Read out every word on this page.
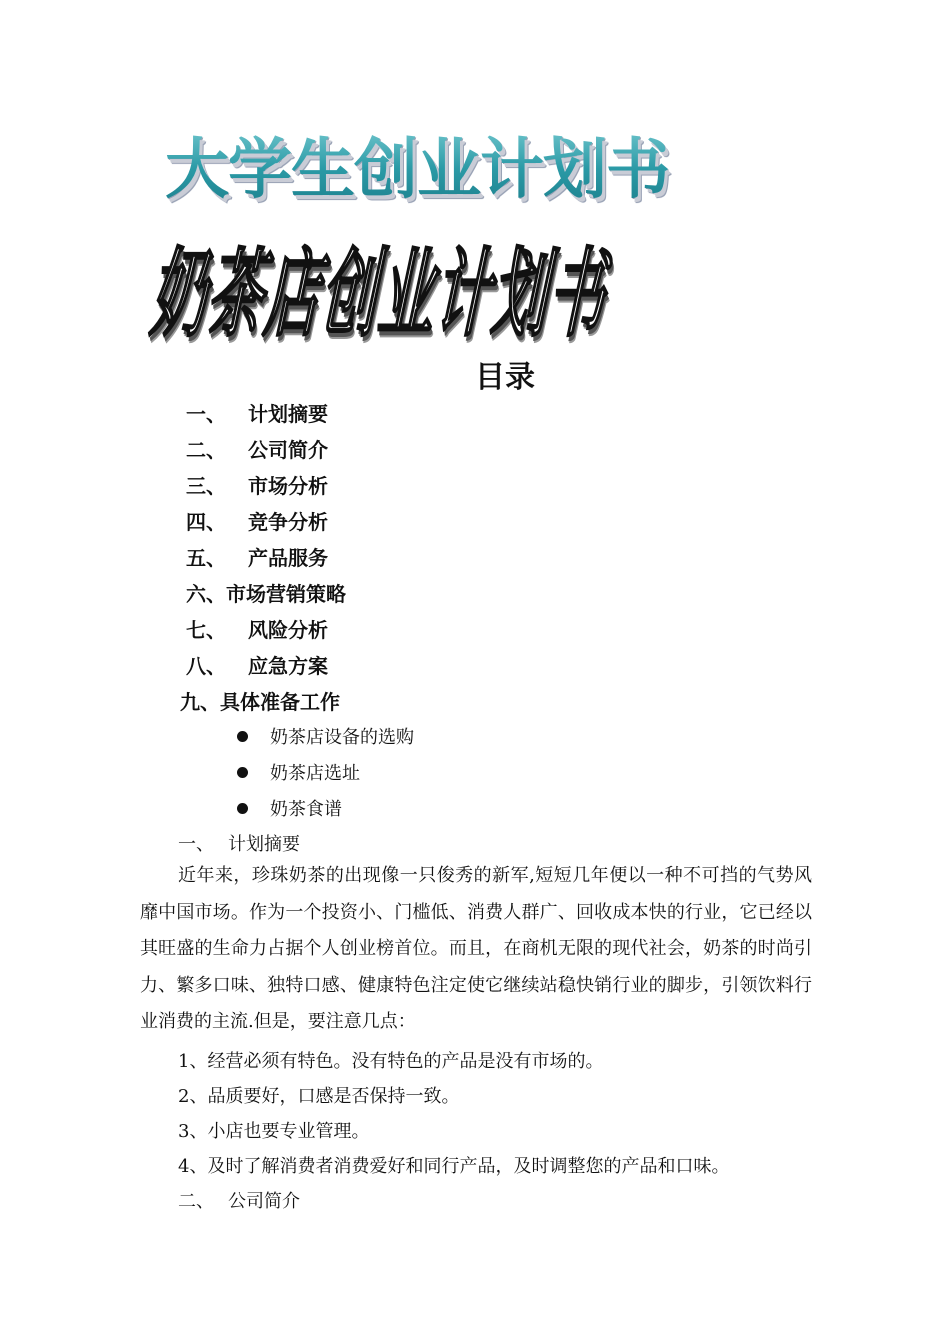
大学生创业计划书
奶茶店创业计划书
目录
一、 计划摘要
二、 公司简介
三、 市场分析
四、 竞争分析
五、 产品服务
六、市场营销策略
七、 风险分析
八、 应急方案
九、具体准备工作
奶茶店设备的选购
奶茶店选址
奶茶食谱
一、 计划摘要
近年来，珍珠奶茶的出现像一只俊秀的新军,短短几年便以一种不可挡的气势风靡中国市场。作为一个投资小、门槛低、消费人群广、回收成本快的行业，它已经以其旺盛的生命力占据个人创业榜首位。而且，在商机无限的现代社会，奶茶的时尚引力、繁多口味、独特口感、健康特色注定使它继续站稳快销行业的脚步，引领饮料行业消费的主流.但是，要注意几点：
1、经营必须有特色。没有特色的产品是没有市场的。
2、品质要好，口感是否保持一致。
3、小店也要专业管理。
4、及时了解消费者消费爱好和同行产品，及时调整您的产品和口味。
二、 公司简介
